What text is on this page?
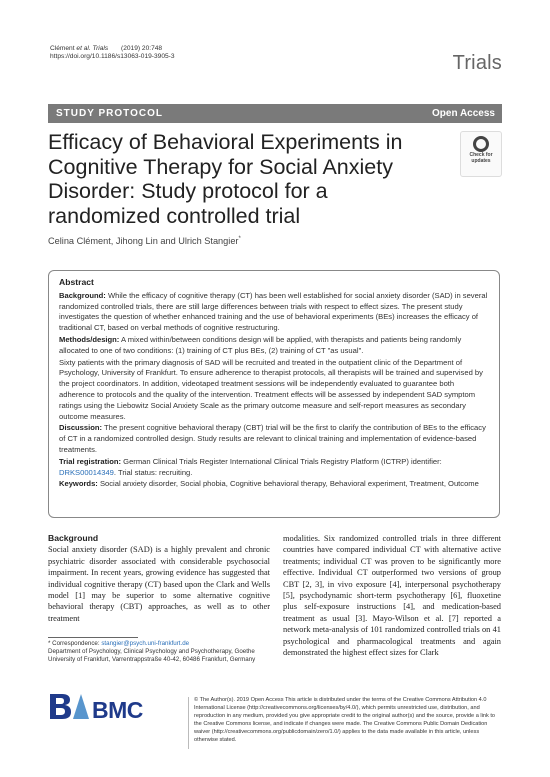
Clément et al. Trials (2019) 20:748
https://doi.org/10.1186/s13063-019-3905-3	Trials
STUDY PROTOCOL	Open Access
Efficacy of Behavioral Experiments in Cognitive Therapy for Social Anxiety Disorder: Study protocol for a randomized controlled trial
Check for
updates
Celina Clément, Jihong Lin and Ulrich Stangier*
Abstract

Background: While the efficacy of cognitive therapy (CT) has been well established for social anxiety disorder (SAD) in several randomized controlled trials, there are still large differences between trials with respect to effect sizes. The present study investigates the question of whether enhanced training and the use of behavioral experiments (BEs) increases the efficacy of traditional CT, based on verbal methods of cognitive restructuring.

Methods/design: A mixed within/between conditions design will be applied, with therapists and patients being randomly allocated to one of two conditions: (1) training of CT plus BEs, (2) training of CT "as usual".

Sixty patients with the primary diagnosis of SAD will be recruited and treated in the outpatient clinic of the Department of Psychology, University of Frankfurt. To ensure adherence to therapist protocols, all therapists will be trained and supervised by the project coordinators. In addition, videotaped treatment sessions will be independently evaluated to guarantee both adherence to protocols and the quality of the intervention. Treatment effects will be assessed by independent SAD symptom ratings using the Liebowitz Social Anxiety Scale as the primary outcome measure and self-report measures as secondary outcome measures.

Discussion: The present cognitive behavioral therapy (CBT) trial will be the first to clarify the contribution of BEs to the efficacy of CT in a randomized controlled design. Study results are relevant to clinical training and implementation of evidence-based treatments.

Trial registration: German Clinical Trials Register International Clinical Trials Registry Platform (ICTRP) identifier: DRKS00014349. Trial status: recruiting.

Keywords: Social anxiety disorder, Social phobia, Cognitive behavioral therapy, Behavioral experiment, Treatment, Outcome

Background

Social anxiety disorder (SAD) is a highly prevalent and chronic psychiatric disorder associated with considerable psychosocial impairment. In recent years, growing evidence has suggested that individual cognitive therapy (CT) based upon the Clark and Wells model [1] may be superior to some alternative cognitive behavioral therapy (CBT) approaches, as well as to other treatment

modalities. Six randomized controlled trials in three different countries have compared individual CT with alternative active treatments; individual CT was proven to be significantly more effective. Individual CT outperformed two versions of group CBT [2, 3], in vivo exposure [4], interpersonal psychotherapy [5], psychodynamic short-term psychotherapy [6], fluoxetine plus self-exposure instructions [4], and medication-based treatment as usual [3]. Mayo-Wilson et al. [7] reported a network meta-analysis of 101 randomized controlled trials on 41 psychological and pharmacological treatments and again demonstrated the highest effect sizes for Clark

* Correspondence: stangier@psych.uni-frankfurt.de
Department of Psychology, Clinical Psychology and Psychotherapy, Goethe University of Frankfurt, Varrentrappstraße 40-42, 60486 Frankfurt, Germany
BMC	© The Author(s). 2019 Open Access This article is distributed under the terms of the Creative Commons Attribution 4.0 International License (http://creativecommons.org/licenses/by/4.0/), which permits unrestricted use, distribution, and reproduction in any medium, provided you give appropriate credit to the original author(s) and the source, provide a link to the Creative Commons license, and indicate if changes were made. The Creative Commons Public Domain Dedication waiver (http://creativecommons.org/publicdomain/zero/1.0/) applies to the data made available in this article, unless otherwise stated.
